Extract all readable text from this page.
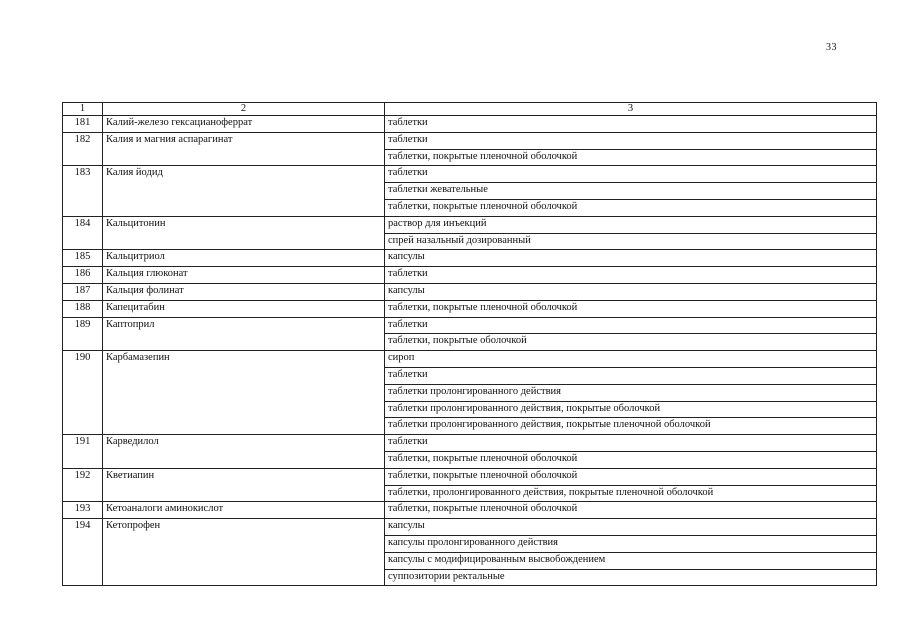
33
1	2	3
181	Калий-железо гексацианоферрат	таблетки
182	Калия и магния аспарагинат	таблетки
		таблетки, покрытые пленочной оболочкой
183	Калия йодид	таблетки
		таблетки жевательные
		таблетки, покрытые пленочной оболочкой
184	Кальцитонин	раствор для инъекций
		спрей назальный дозированный
185	Кальцитриол	капсулы
186	Кальция глюконат	таблетки
187	Кальция фолинат	капсулы
188	Капецитабин	таблетки, покрытые пленочной оболочкой
189	Каптоприл	таблетки
		таблетки, покрытые оболочкой
190	Карбамазепин	сироп
		таблетки
		таблетки пролонгированного действия
		таблетки пролонгированного действия, покрытые оболочкой
		таблетки пролонгированного действия, покрытые пленочной оболочкой
191	Карведилол	таблетки
		таблетки, покрытые пленочной оболочкой
192	Кветиапин	таблетки, покрытые пленочной оболочкой
		таблетки, пролонгированного действия, покрытые пленочной оболочкой
193	Кетоаналоги аминокислот	таблетки, покрытые пленочной оболочкой
194	Кетопрофен	капсулы
		капсулы пролонгированного действия
		капсулы с модифицированным высвобождением
		суппозитории ректальные
